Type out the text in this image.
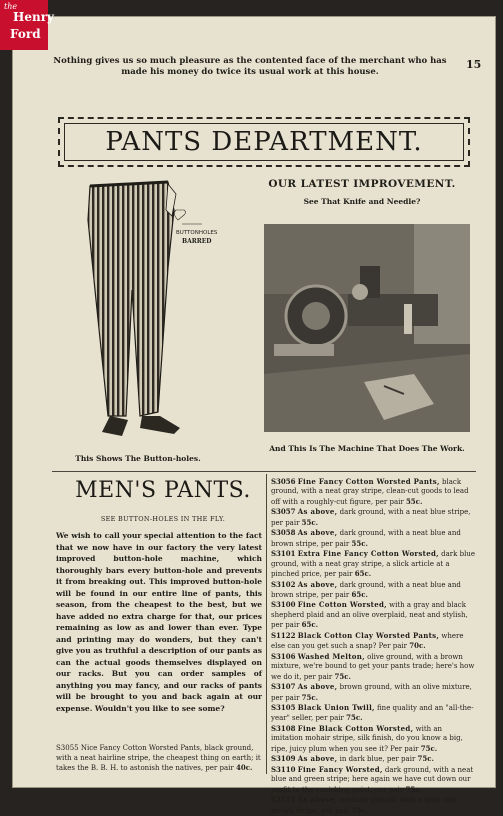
Nothing gives us so much pleasure as the contented face of the merchant who has made his money do twice its usual work at this house.
15
PANTS DEPARTMENT.
OUR LATEST IMPROVEMENT.
See That Knife and Needle?
BUTTONHOLES
BARRED
This Shows The Button-holes.
And This Is The Machine That Does The Work.
MEN'S PANTS.
SEE BUTTON-HOLES IN THE FLY.
We wish to call your special attention to the fact that we now have in our factory the very latest improved button-hole machine, which thoroughly bars every button-hole and prevents it from breaking out. This improved button-hole will be found in our entire line of pants, this season, from the cheapest to the best, but we have added no extra charge for that, our prices remaining as low as and lower than ever. Type and printing may do wonders, but they can't give you as truthful a description of our pants as can the actual goods themselves displayed on our racks. But you can order samples of anything you may fancy, and our racks of pants will be brought to you and back again at our expense. Wouldn't you like to see some?
S3055 Nice Fancy Cotton Worsted Pants, black ground, with a neat hairline stripe, the cheapest thing on earth; it takes the B. B. H. to astonish the natives, per pair 40c.

S3056 Fine Fancy Cotton Worsted Pants, black ground, with a neat gray stripe, clean-cut goods to lead off with a roughly-cut figure, per pair 55c.

S3057 As above, dark ground, with a neat blue stripe, per pair 55c.

S3058 As above, dark ground, with a neat blue and brown stripe, per pair 55c.

S3101 Extra Fine Fancy Cotton Worsted, dark blue ground, with a neat gray stripe, a slick article at a pinched price, per pair 65c.

S3102 As above, dark ground, with a neat blue and brown stripe, per pair 65c.

S3100 Fine Cotton Worsted, with a gray and black shepherd plaid and an olive overplaid, neat and stylish, per pair 65c.

S1122 Black Cotton Clay Worsted Pants, where else can you get such a snap? Per pair 70c.

S3106 Washed Melton, olive ground, with a brown mixture, we're bound to get your pants trade; here's how we do it, per pair 75c.

S3107 As above, brown ground, with an olive mixture, per pair 75c.

S3105 Black Union Twill, fine quality and an "all-the-year" seller, per pair 75c.

S3108 Fine Black Cotton Worsted, with an imitation mohair stripe, silk finish, do you know a big, ripe, juicy plum when you see it? Per pair 75c.

S3109 As above, in dark blue, per pair 75c.

S3110 Fine Fancy Worsted, dark ground, with a neat blue and green stripe; here again we have cut down our profit to the vanishing point, per pair 75c.

S3111 As above, medium ground, with a gray and brown stripe, per pair 75c.

the
Henry
Ford
